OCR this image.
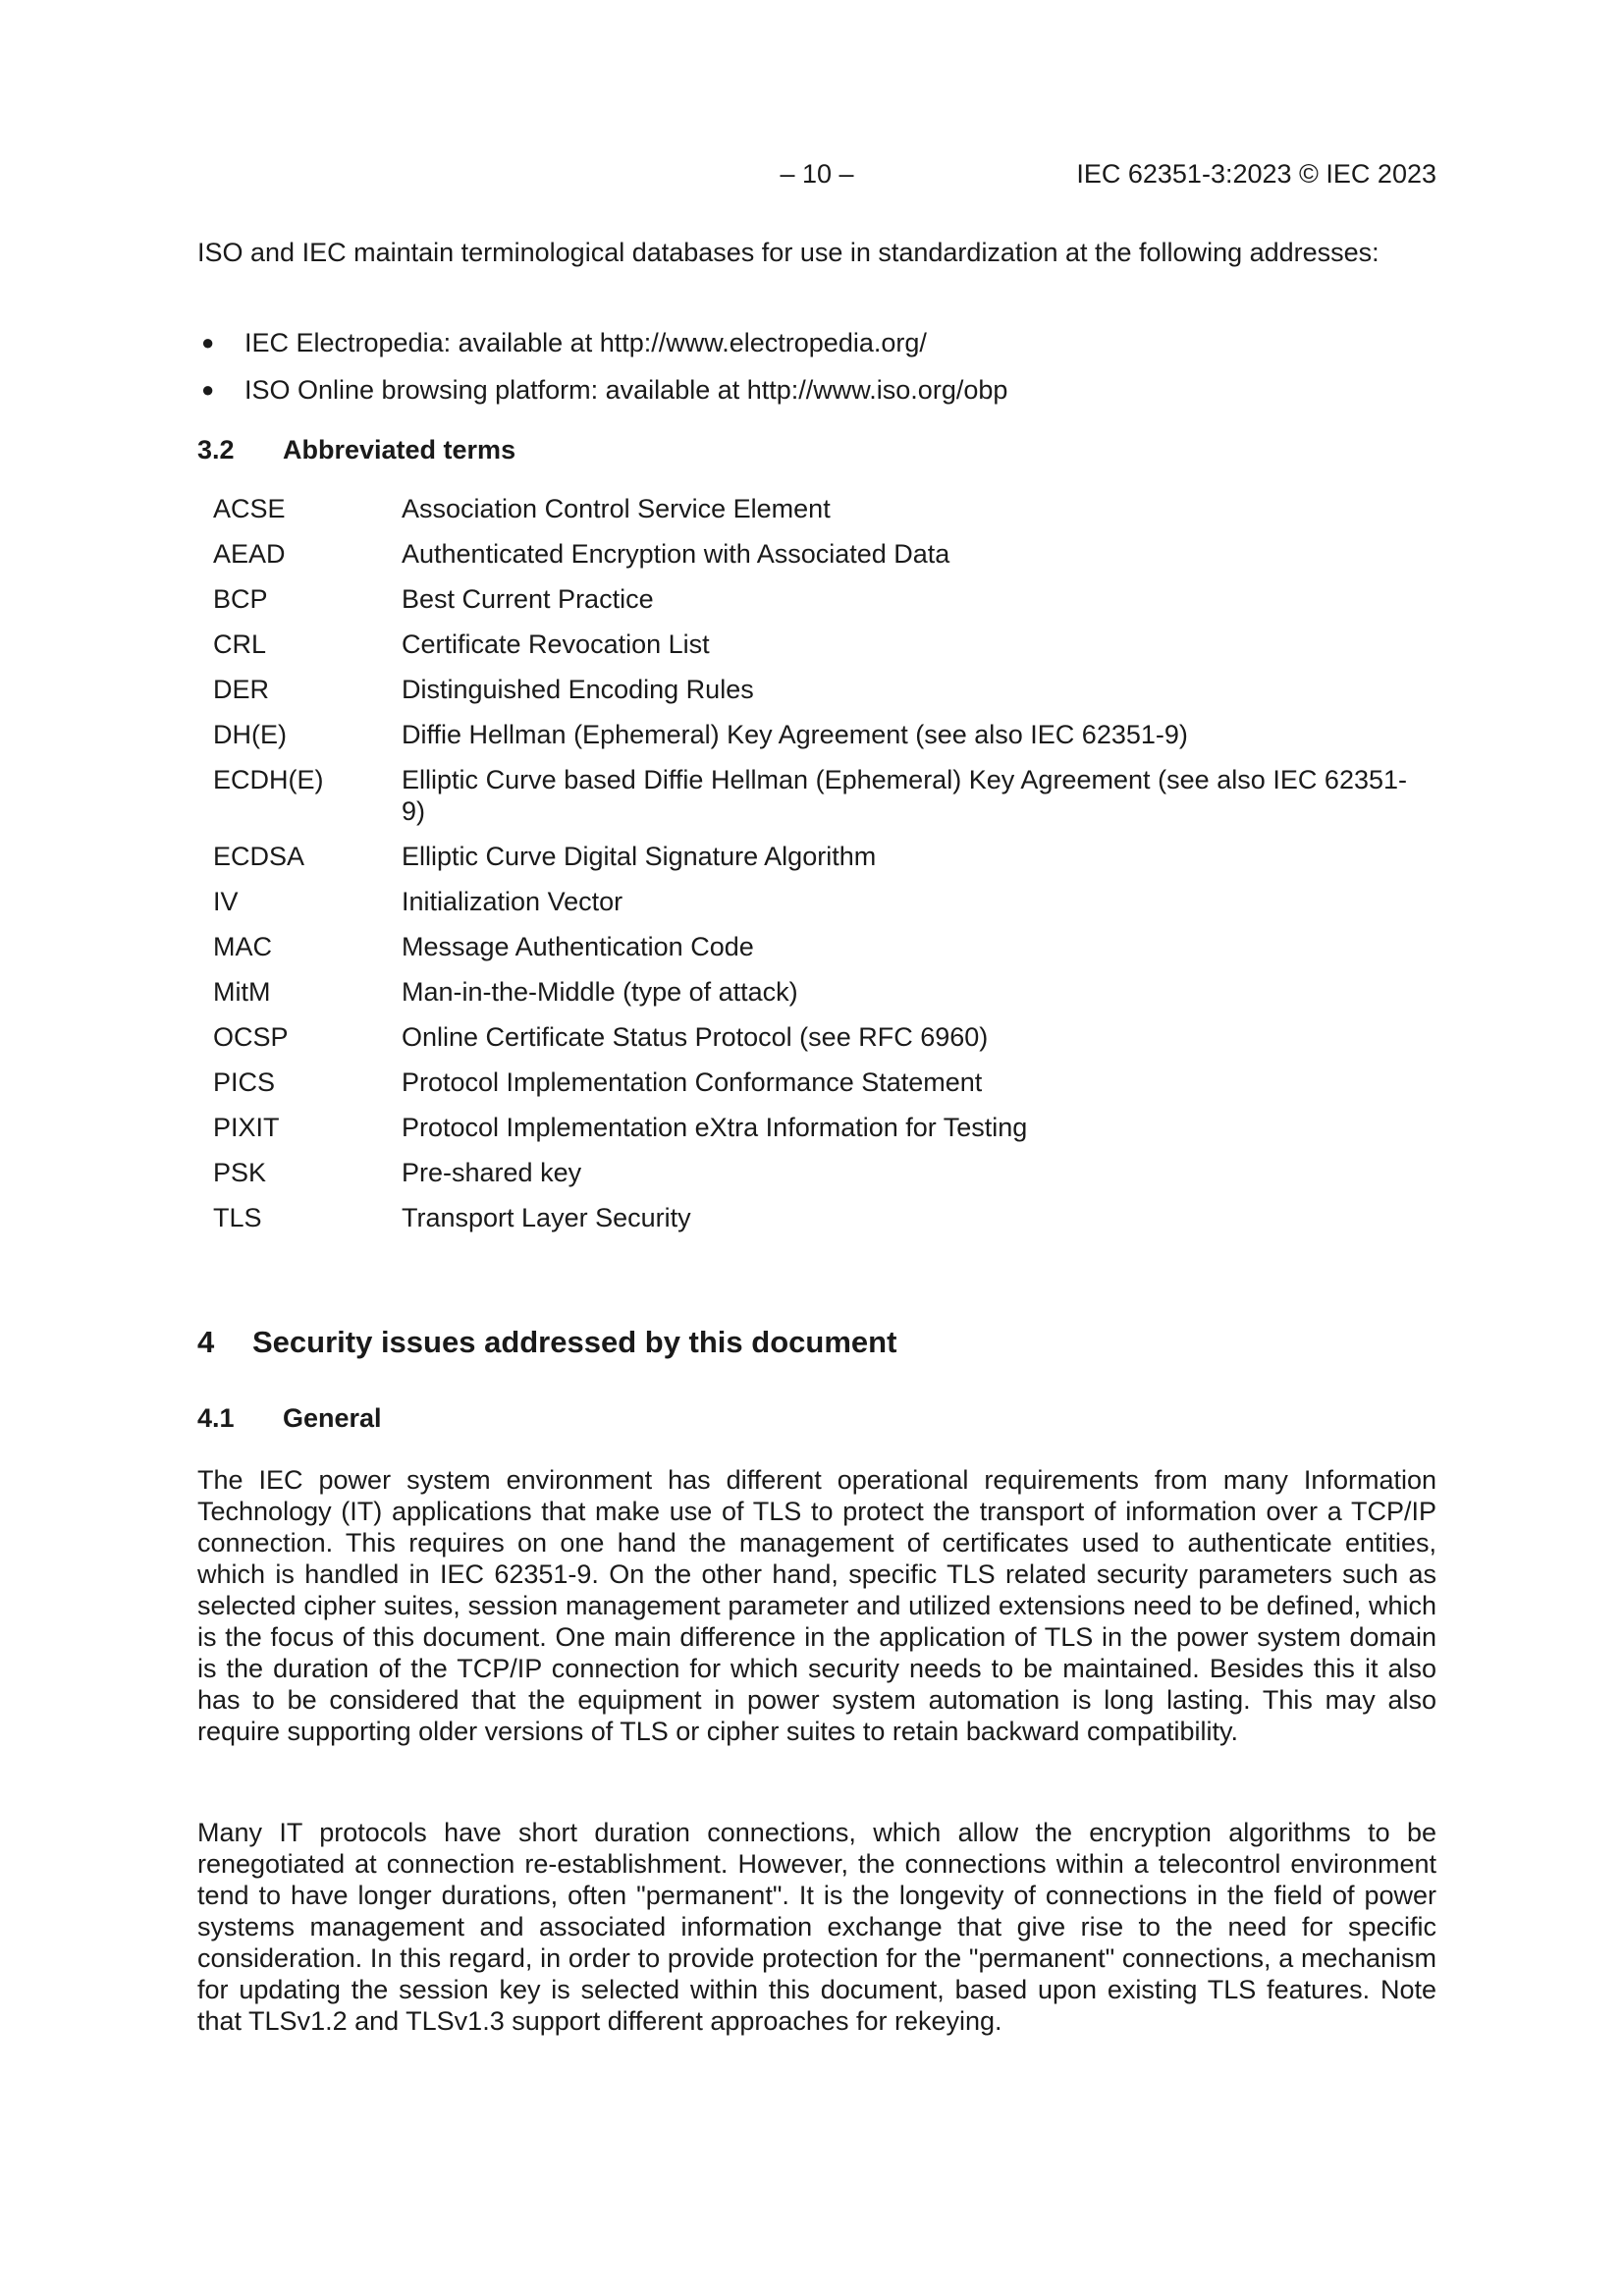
– 10 –	IEC 62351-3:2023 © IEC 2023

ISO and IEC maintain terminological databases for use in standardization at the following addresses:

● IEC Electropedia: available at http://www.electropedia.org/
● ISO Online browsing platform: available at http://www.iso.org/obp
3.2 Abbreviated terms
ACSE	Association Control Service Element
AEAD	Authenticated Encryption with Associated Data
BCP	Best Current Practice
CRL	Certificate Revocation List
DER	Distinguished Encoding Rules
DH(E)	Diffie Hellman (Ephemeral) Key Agreement (see also IEC 62351-9)
ECDH(E)	Elliptic Curve based Diffie Hellman (Ephemeral) Key Agreement (see also IEC 62351-9)
ECDSA	Elliptic Curve Digital Signature Algorithm
IV	Initialization Vector
MAC	Message Authentication Code
MitM	Man-in-the-Middle (type of attack)
OCSP	Online Certificate Status Protocol (see RFC 6960)
PICS	Protocol Implementation Conformance Statement
PIXIT	Protocol Implementation eXtra Information for Testing
PSK	Pre-shared key
TLS	Transport Layer Security
4 Security issues addressed by this document
4.1 General

The IEC power system environment has different operational requirements from many Information Technology (IT) applications that make use of TLS to protect the transport of information over a TCP/IP connection. This requires on one hand the management of certificates used to authenticate entities, which is handled in IEC 62351-9. On the other hand, specific TLS related security parameters such as selected cipher suites, session management parameter and utilized extensions need to be defined, which is the focus of this document. One main difference in the application of TLS in the power system domain is the duration of the TCP/IP connection for which security needs to be maintained. Besides this it also has to be considered that the equipment in power system automation is long lasting. This may also require supporting older versions of TLS or cipher suites to retain backward compatibility.

Many IT protocols have short duration connections, which allow the encryption algorithms to be renegotiated at connection re-establishment. However, the connections within a telecontrol environment tend to have longer durations, often "permanent". It is the longevity of connections in the field of power systems management and associated information exchange that give rise to the need for specific consideration. In this regard, in order to provide protection for the "permanent" connections, a mechanism for updating the session key is selected within this document, based upon existing TLS features. Note that TLSv1.2 and TLSv1.3 support different approaches for rekeying.
